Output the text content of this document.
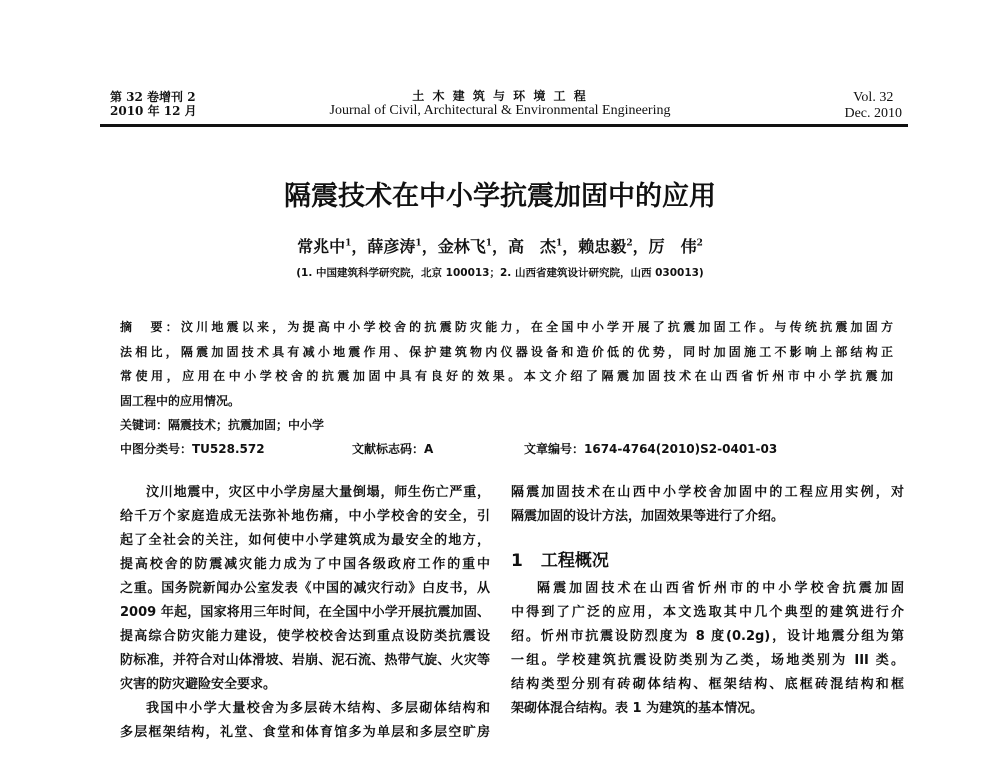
第 32 卷增刊 2
2010 年 12 月
土 木 建 筑 与 环 境 工 程
Journal of Civil, Architectural & Environmental Engineering
Vol. 32
Dec. 2010
隔震技术在中小学抗震加固中的应用
常兆中$^1$，薛彦涛$^1$，金林飞$^1$，高　杰$^1$，赖忠毅$^2$，厉　伟$^2$
(1. 中国建筑科学研究院，北京 100013；2. 山西省建筑设计研究院，山西 030013)
摘　要：汶川地震以来，为提高中小学校舍的抗震防灾能力，在全国中小学开展了抗震加固工作。与传统抗震加固方
法相比，隔震加固技术具有减小地震作用、保护建筑物内仪器设备和造价低的优势，同时加固施工不影响上部结构正
常使用，应用在中小学校舍的抗震加固中具有良好的效果。本文介绍了隔震加固技术在山西省忻州市中小学抗震加
固工程中的应用情况。
关键词：隔震技术；抗震加固；中小学
中图分类号：TU528.572	文献标志码：A	文章编号：1674-4764(2010)S2-0401-03
汶川地震中，灾区中小学房屋大量倒塌，师生伤亡严重，
给千万个家庭造成无法弥补地伤痛，中小学校舍的安全，引
起了全社会的关注，如何使中小学建筑成为最安全的地方，
提高校舍的防震减灾能力成为了中国各级政府工作的重中
之重。国务院新闻办公室发表《中国的减灾行动》白皮书，从
2009 年起，国家将用三年时间，在全国中小学开展抗震加固、
提高综合防灾能力建设，使学校校舍达到重点设防类抗震设
防标准，并符合对山体滑坡、岩崩、泥石流、热带气旋、火灾等
灾害的防灾避险安全要求。
我国中小学大量校舍为多层砖木结构、多层砌体结构和
多层框架结构，礼堂、食堂和体育馆多为单层和多层空旷房
隔震加固技术在山西中小学校舍加固中的工程应用实例，对
隔震加固的设计方法，加固效果等进行了介绍。
1 工程概况
隔震加固技术在山西省忻州市的中小学校舍抗震加固
中得到了广泛的应用，本文选取其中几个典型的建筑进行介
绍。忻州市抗震设防烈度为 8 度(0.2g)，设计地震分组为第
一组。学校建筑抗震设防类别为乙类，场地类别为 III 类。
结构类型分别有砖砌体结构、框架结构、底框砖混结构和框
架砌体混合结构。表 1 为建筑的基本情况。
